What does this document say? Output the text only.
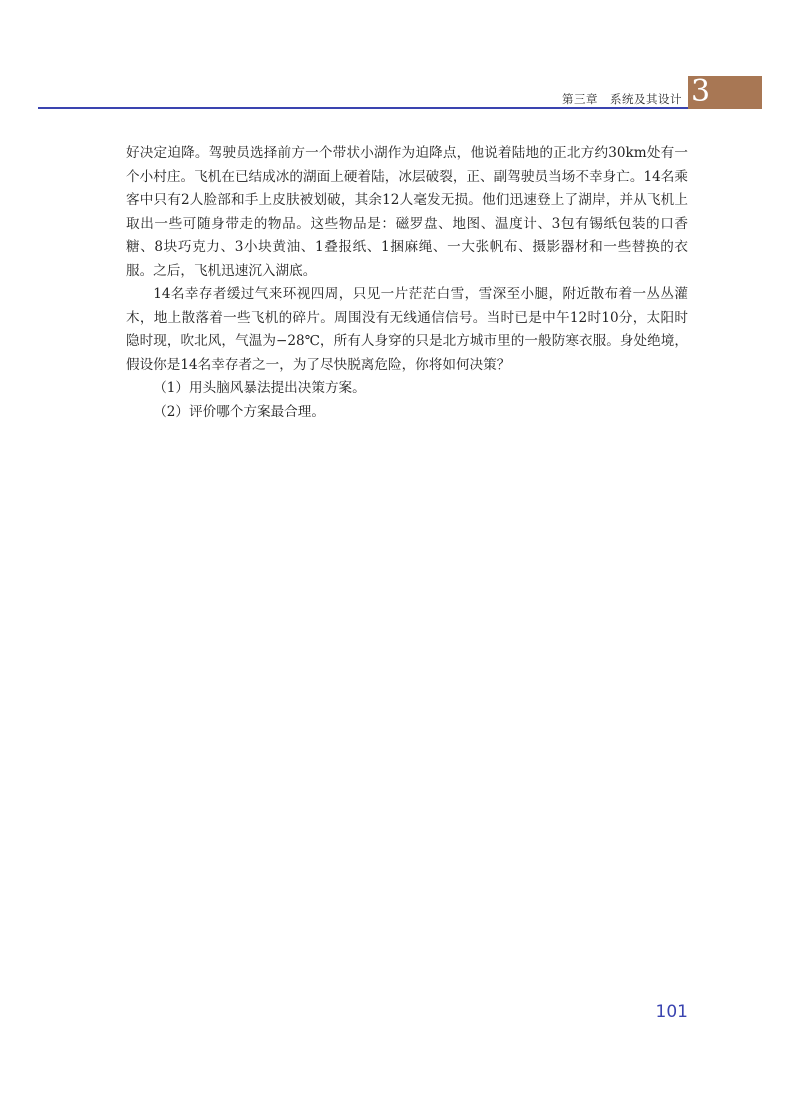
第三章 系统及其设计 3

好决定迫降。驾驶员选择前方一个带状小湖作为迫降点，他说着陆地的正北方约30km处有一个小村庄。飞机在已结成冰的湖面上硬着陆，冰层破裂，正、副驾驶员当场不幸身亡。14名乘客中只有2人脸部和手上皮肤被划破，其余12人毫发无损。他们迅速登上了湖岸，并从飞机上取出一些可随身带走的物品。这些物品是：磁罗盘、地图、温度计、3包有锡纸包装的口香糖、8块巧克力、3小块黄油、1叠报纸、1捆麻绳、一大张帆布、摄影器材和一些替换的衣服。之后，飞机迅速沉入湖底。

14名幸存者缓过气来环视四周，只见一片茫茫白雪，雪深至小腿，附近散布着一丛丛灌木，地上散落着一些飞机的碎片。周围没有无线通信信号。当时已是中午12时10分，太阳时隐时现，吹北风，气温为−28℃，所有人身穿的只是北方城市里的一般防寒衣服。身处绝境，假设你是14名幸存者之一，为了尽快脱离危险，你将如何决策？

（1）用头脑风暴法提出决策方案。

（2）评价哪个方案最合理。

101
